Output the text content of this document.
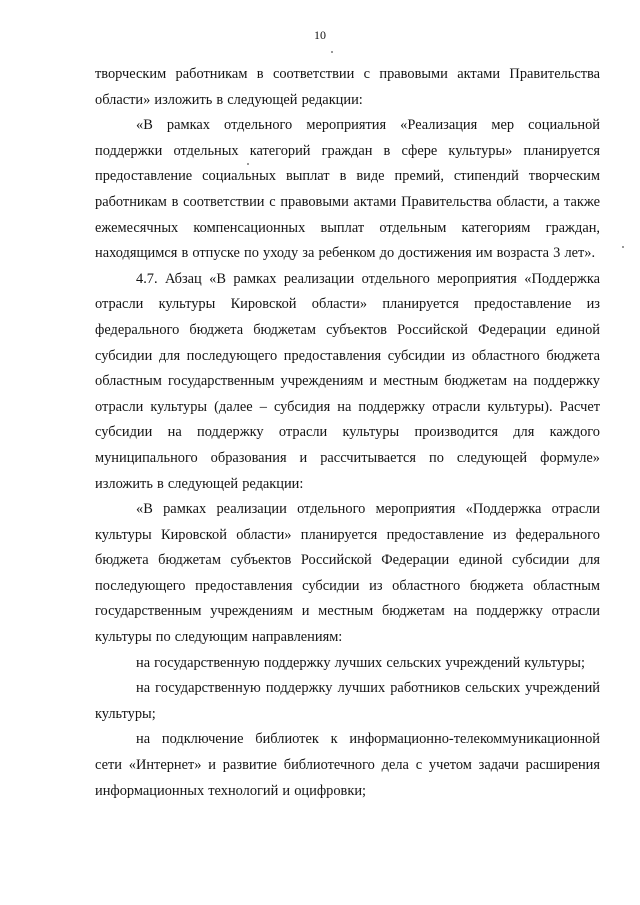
10

творческим работникам в соответствии с правовыми актами Правительства области» изложить в следующей редакции:

«В рамках отдельного мероприятия «Реализация мер социальной поддержки отдельных категорий граждан в сфере культуры» планируется предоставление социальных выплат в виде премий, стипендий творческим работникам в соответствии с правовыми актами Правительства области, а также ежемесячных компенсационных выплат отдельным категориям граждан, находящимся в отпуске по уходу за ребенком до достижения им возраста 3 лет».

4.7. Абзац «В рамках реализации отдельного мероприятия «Поддержка отрасли культуры Кировской области» планируется предоставление из федерального бюджета бюджетам субъектов Российской Федерации единой субсидии для последующего предоставления субсидии из областного бюджета областным государственным учреждениям и местным бюджетам на поддержку отрасли культуры (далее – субсидия на поддержку отрасли культуры). Расчет субсидии на поддержку отрасли культуры производится для каждого муниципального образования и рассчитывается по следующей формуле» изложить в следующей редакции:

«В рамках реализации отдельного мероприятия «Поддержка отрасли культуры Кировской области» планируется предоставление из федерального бюджета бюджетам субъектов Российской Федерации единой субсидии для последующего предоставления субсидии из областного бюджета областным государственным учреждениям и местным бюджетам на поддержку отрасли культуры по следующим направлениям:

на государственную поддержку лучших сельских учреждений культуры;

на государственную поддержку лучших работников сельских учреждений культуры;

на подключение библиотек к информационно-телекоммуникационной сети «Интернет» и развитие библиотечного дела с учетом задачи расширения информационных технологий и оцифровки;
